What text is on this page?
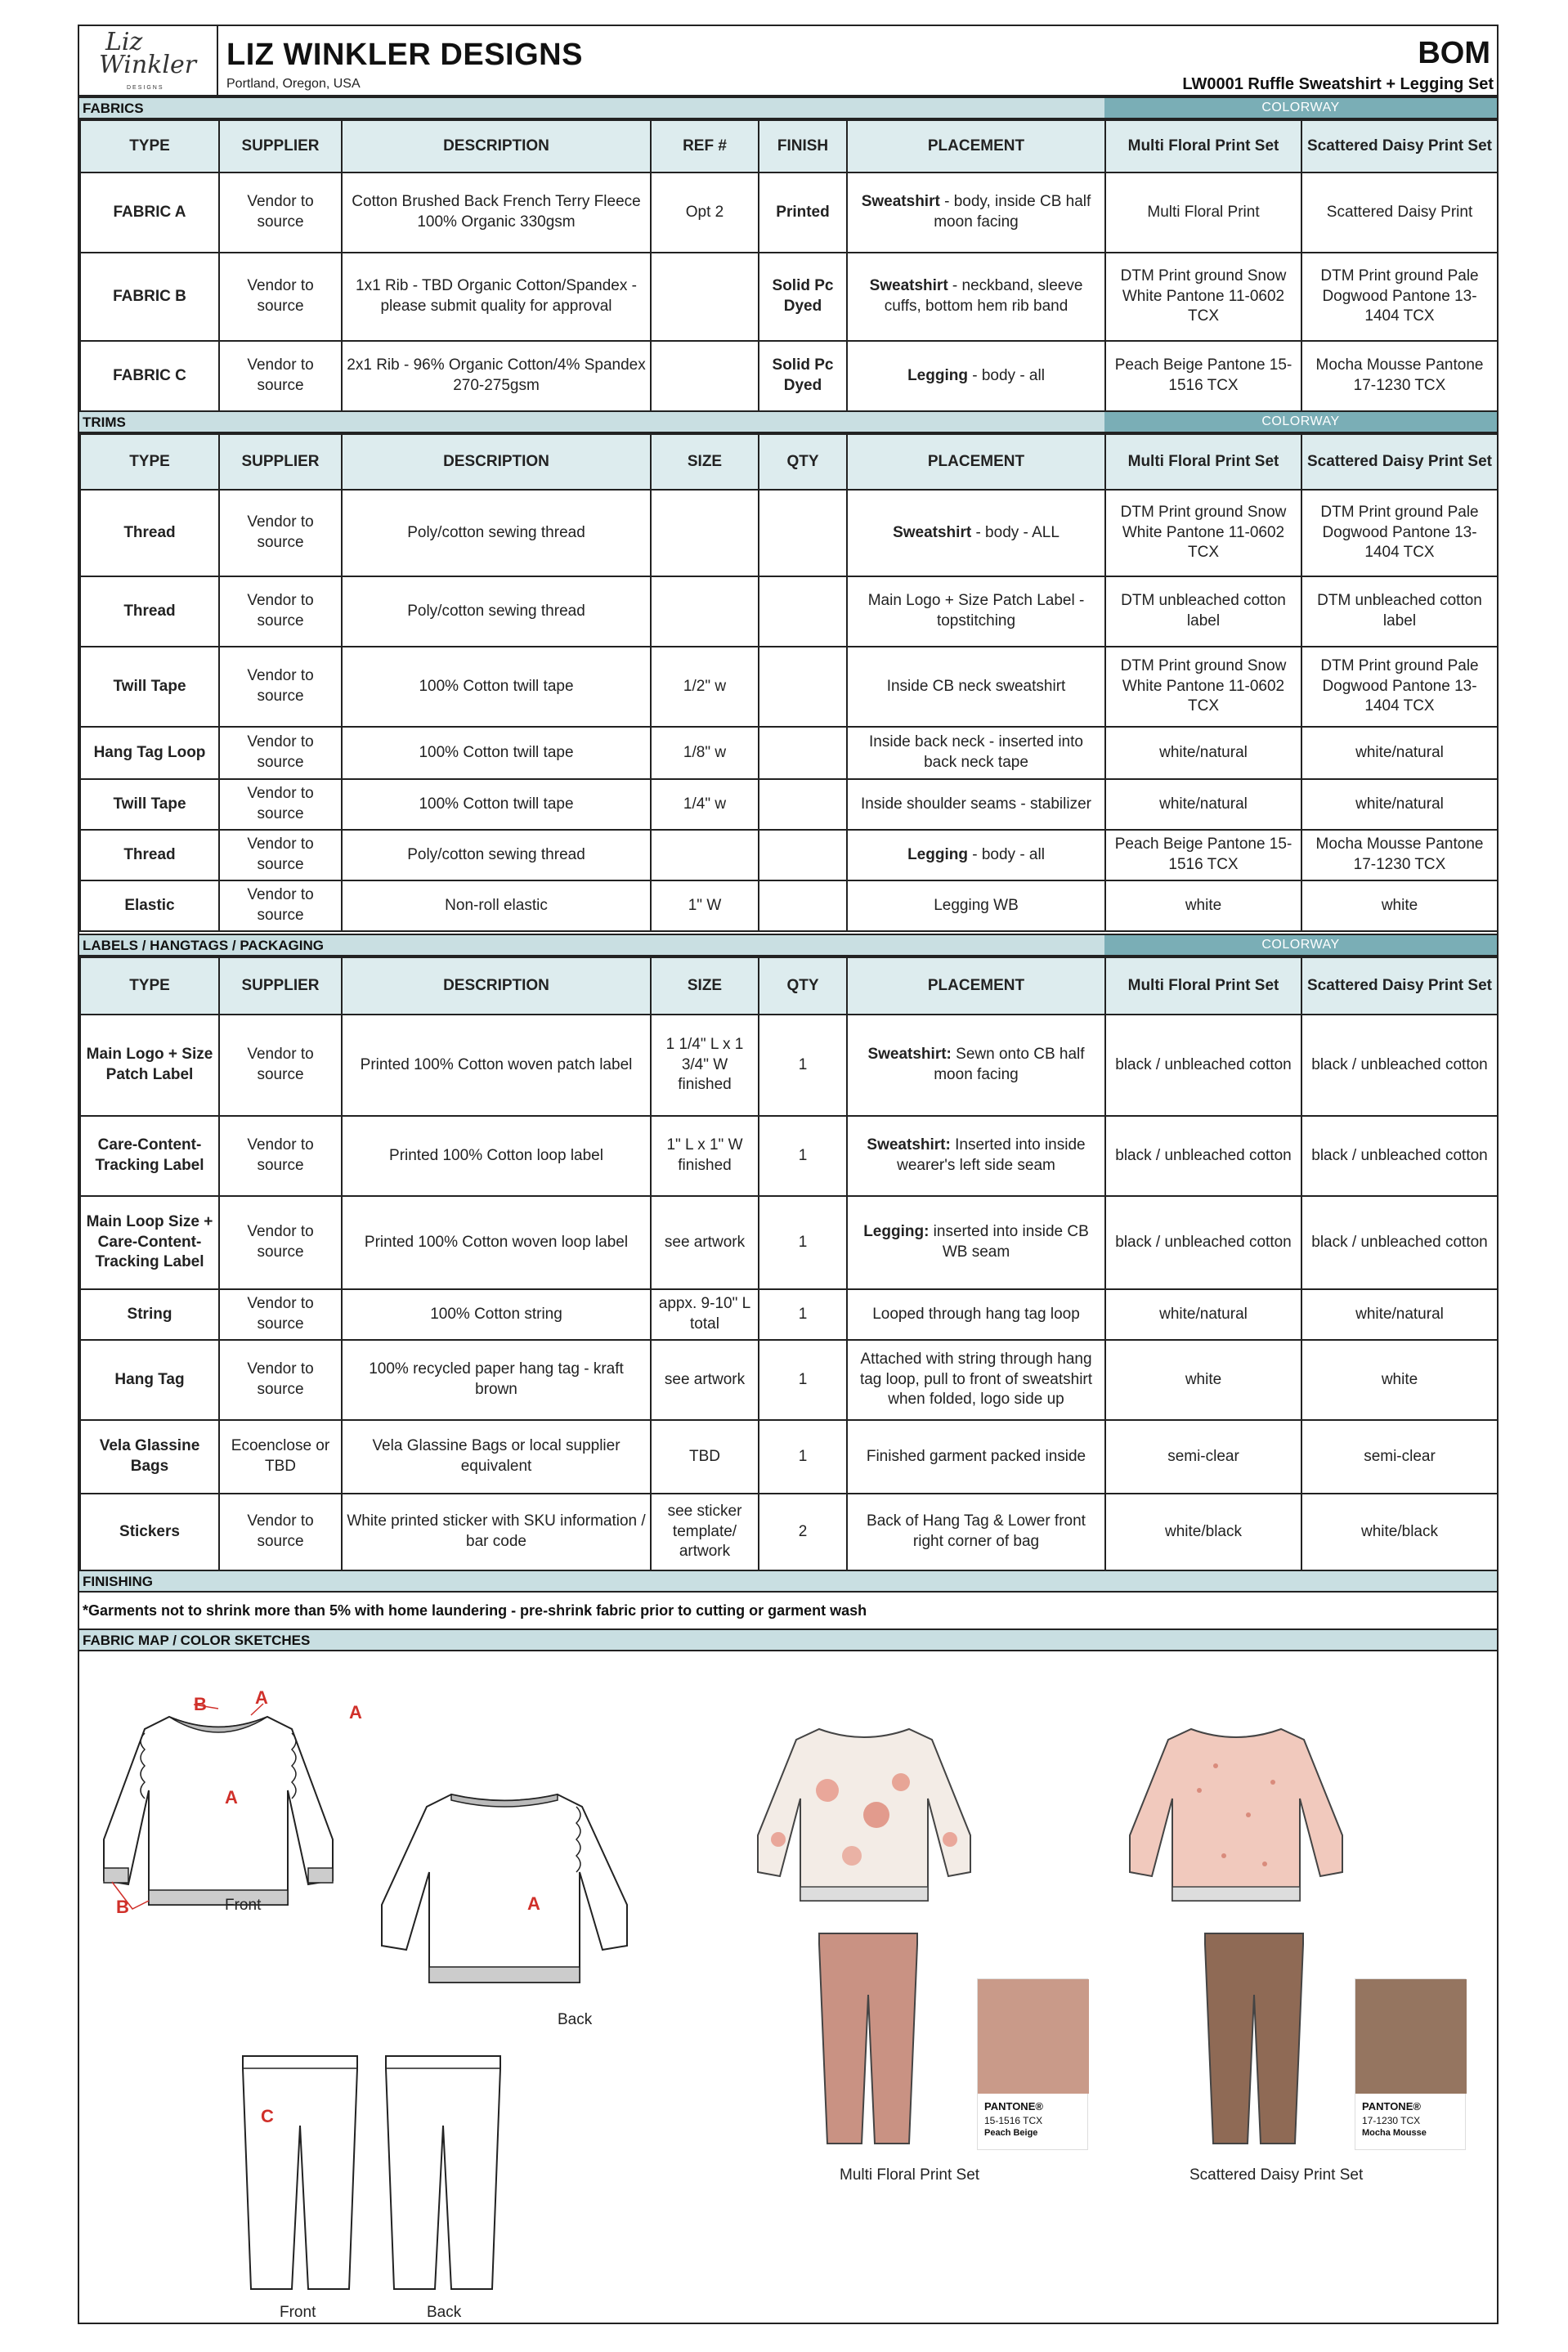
Liz
Winkler
DESIGNS
LIZ WINKLER DESIGNS
Portland, Oregon, USA
BOM
LW0001 Ruffle Sweatshirt + Legging Set
FABRICS	COLORWAY
TYPE	SUPPLIER	DESCRIPTION	REF #	FINISH	PLACEMENT	Multi Floral Print Set	Scattered Daisy Print Set
FABRIC A	Vendor to source	Cotton Brushed Back French Terry Fleece 100% Organic 330gsm	Opt 2	Printed	Sweatshirt - body, inside CB half moon facing	Multi Floral Print	Scattered Daisy Print
FABRIC B	Vendor to source	1x1 Rib - TBD Organic Cotton/Spandex - please submit quality for approval		Solid Pc Dyed	Sweatshirt - neckband, sleeve cuffs, bottom hem rib band	DTM Print ground Snow White Pantone 11-0602 TCX	DTM Print ground Pale Dogwood Pantone 13-1404 TCX
FABRIC C	Vendor to source	2x1 Rib - 96% Organic Cotton/4% Spandex 270-275gsm		Solid Pc Dyed	Legging - body - all	Peach Beige Pantone 15-1516 TCX	Mocha Mousse Pantone 17-1230 TCX
TRIMS	COLORWAY
TYPE	SUPPLIER	DESCRIPTION	SIZE	QTY	PLACEMENT	Multi Floral Print Set	Scattered Daisy Print Set
Thread	Vendor to source	Poly/cotton sewing thread			Sweatshirt - body - ALL	DTM Print ground Snow White Pantone 11-0602 TCX	DTM Print ground Pale Dogwood Pantone 13-1404 TCX
Thread	Vendor to source	Poly/cotton sewing thread			Main Logo + Size Patch Label - topstitching	DTM unbleached cotton label	DTM unbleached cotton label
Twill Tape	Vendor to source	100% Cotton twill tape	1/2" w		Inside CB neck sweatshirt	DTM Print ground Snow White Pantone 11-0602 TCX	DTM Print ground Pale Dogwood Pantone 13-1404 TCX
Hang Tag Loop	Vendor to source	100% Cotton twill tape	1/8" w		Inside back neck - inserted into back neck tape	white/natural	white/natural
Twill Tape	Vendor to source	100% Cotton twill tape	1/4" w		Inside shoulder seams - stabilizer	white/natural	white/natural
Thread	Vendor to source	Poly/cotton sewing thread			Legging - body - all	Peach Beige Pantone 15-1516 TCX	Mocha Mousse Pantone 17-1230 TCX
Elastic	Vendor to source	Non-roll elastic	1" W		Legging WB	white	white
LABELS / HANGTAGS / PACKAGING	COLORWAY
TYPE	SUPPLIER	DESCRIPTION	SIZE	QTY	PLACEMENT	Multi Floral Print Set	Scattered Daisy Print Set
Main Logo + Size Patch Label	Vendor to source	Printed 100% Cotton woven patch label	1 1/4" L x 1 3/4" W finished	1	Sweatshirt: Sewn onto CB half moon facing	black / unbleached cotton	black / unbleached cotton
Care-Content-Tracking Label	Vendor to source	Printed 100% Cotton loop label	1" L x 1" W finished	1	Sweatshirt: Inserted into inside wearer's left side seam	black / unbleached cotton	black / unbleached cotton
Main Loop Size + Care-Content-Tracking Label	Vendor to source	Printed 100% Cotton woven loop label	see artwork	1	Legging: inserted into inside CB WB seam	black / unbleached cotton	black / unbleached cotton
String	Vendor to source	100% Cotton string	appx. 9-10" L total	1	Looped through hang tag loop	white/natural	white/natural
Hang Tag	Vendor to source	100% recycled paper hang tag - kraft brown	see artwork	1	Attached with string through hang tag loop, pull to front of sweatshirt when folded, logo side up	white	white
Vela Glassine Bags	Ecoenclose or TBD	Vela Glassine Bags or local supplier equivalent	TBD	1	Finished garment packed inside	semi-clear	semi-clear
Stickers	Vendor to source	White printed sticker with SKU information / bar code	see sticker template/ artwork	2	Back of Hang Tag & Lower front right corner of bag	white/black	white/black
FINISHING
*Garments not to shrink more than 5% with home laundering - pre-shrink fabric prior to cutting or garment wash
FABRIC MAP / COLOR SKETCHES
B	A
A
A
B	Front	A
Back
C
Front	Back
PANTONE®
15-1516 TCX
Peach Beige
Multi Floral Print Set
PANTONE®
17-1230 TCX
Mocha Mousse
Scattered Daisy Print Set
